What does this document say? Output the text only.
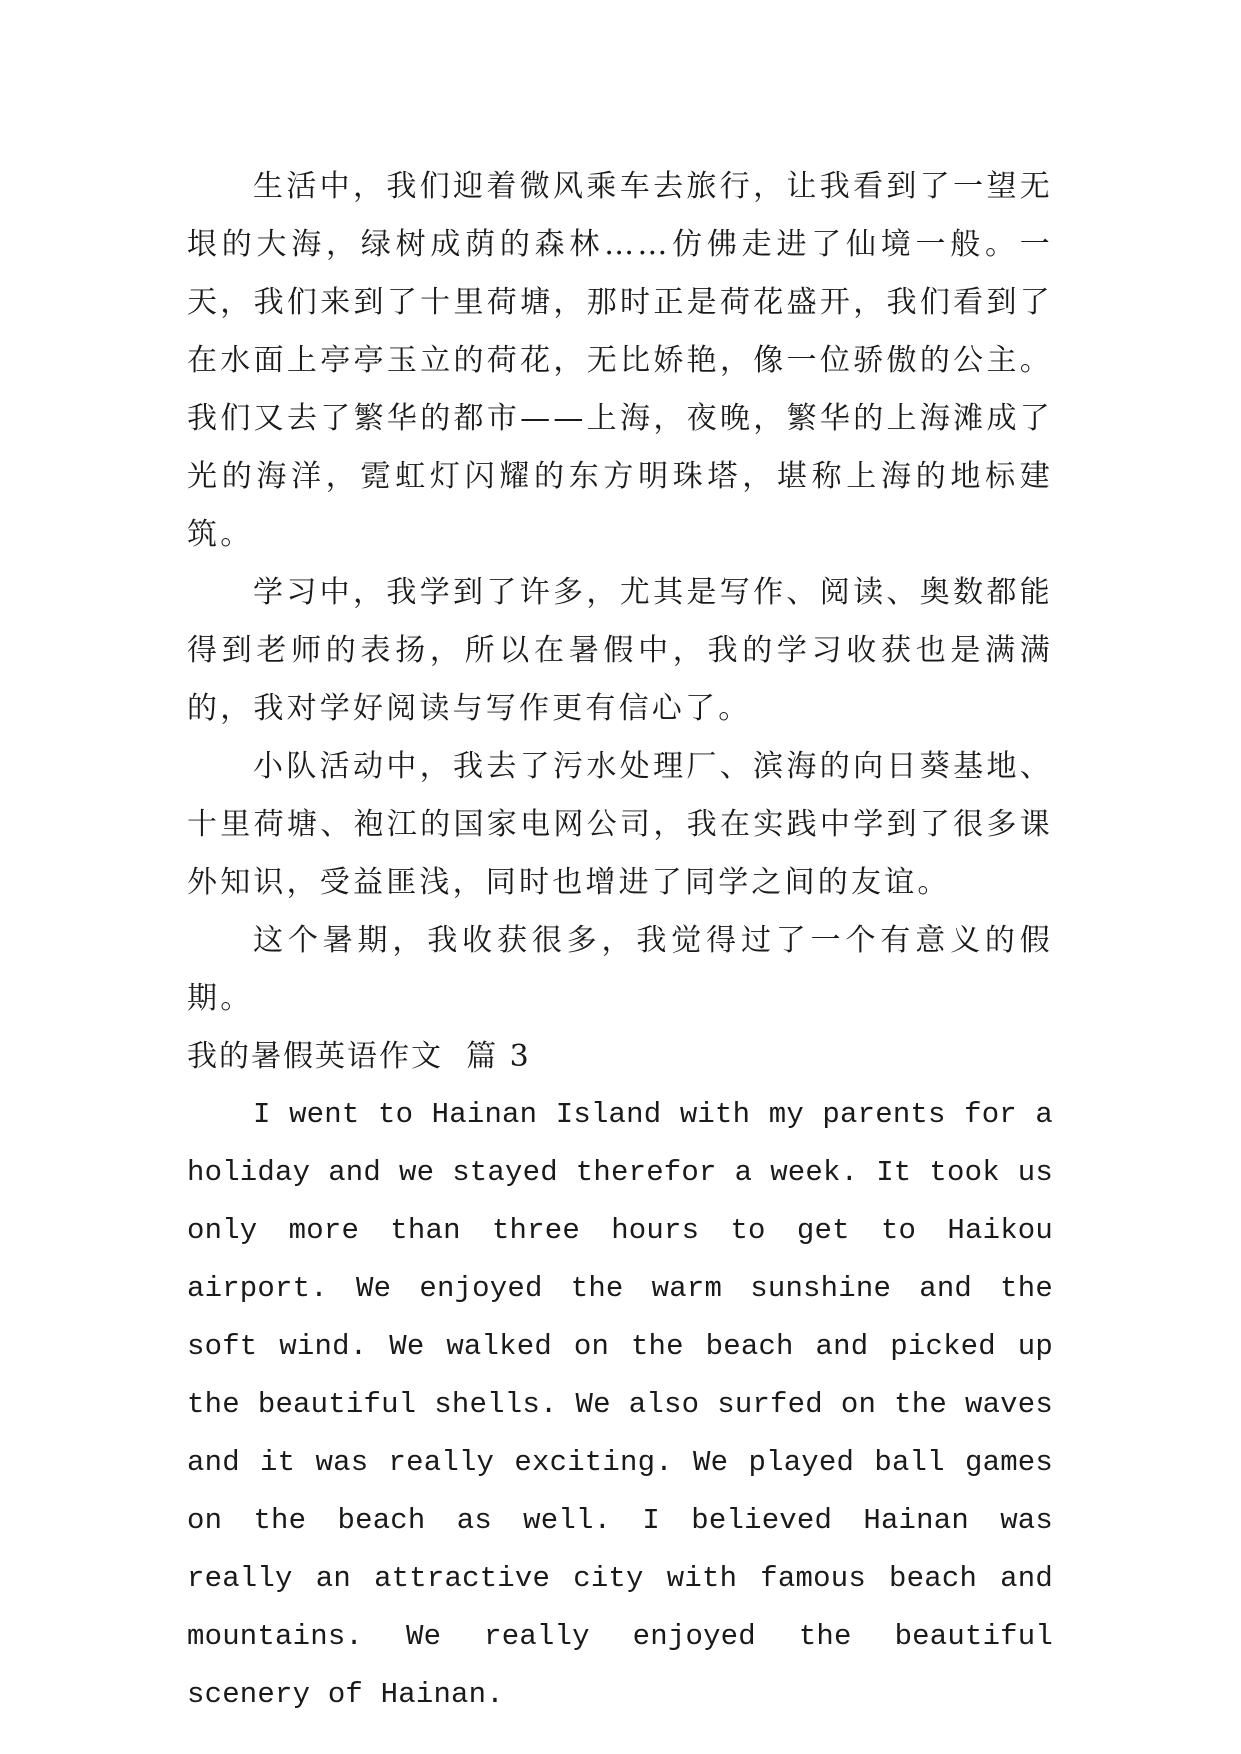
生活中，我们迎着微风乘车去旅行，让我看到了一望无垠的大海，绿树成荫的森林……仿佛走进了仙境一般。一天，我们来到了十里荷塘，那时正是荷花盛开，我们看到了在水面上亭亭玉立的荷花，无比娇艳，像一位骄傲的公主。我们又去了繁华的都市——上海，夜晚，繁华的上海滩成了光的海洋，霓虹灯闪耀的东方明珠塔，堪称上海的地标建筑。

学习中，我学到了许多，尤其是写作、阅读、奥数都能得到老师的表扬，所以在暑假中，我的学习收获也是满满的，我对学好阅读与写作更有信心了。

小队活动中，我去了污水处理厂、滨海的向日葵基地、十里荷塘、袍江的国家电网公司，我在实践中学到了很多课外知识，受益匪浅，同时也增进了同学之间的友谊。

这个暑期，我收获很多，我觉得过了一个有意义的假期。

我的暑假英语作文  篇 3

I went to Hainan Island with my parents for a holiday and we stayed therefor a week. It took us only more than three hours to get to Haikou airport. We enjoyed the warm sunshine and the soft wind. We walked on the beach and picked up the beautiful shells. We also surfed on the waves and it was really exciting. We played ball games on the beach as well. I believed Hainan was really an attractive city with famous beach and mountains. We really enjoyed the beautiful scenery of Hainan.
